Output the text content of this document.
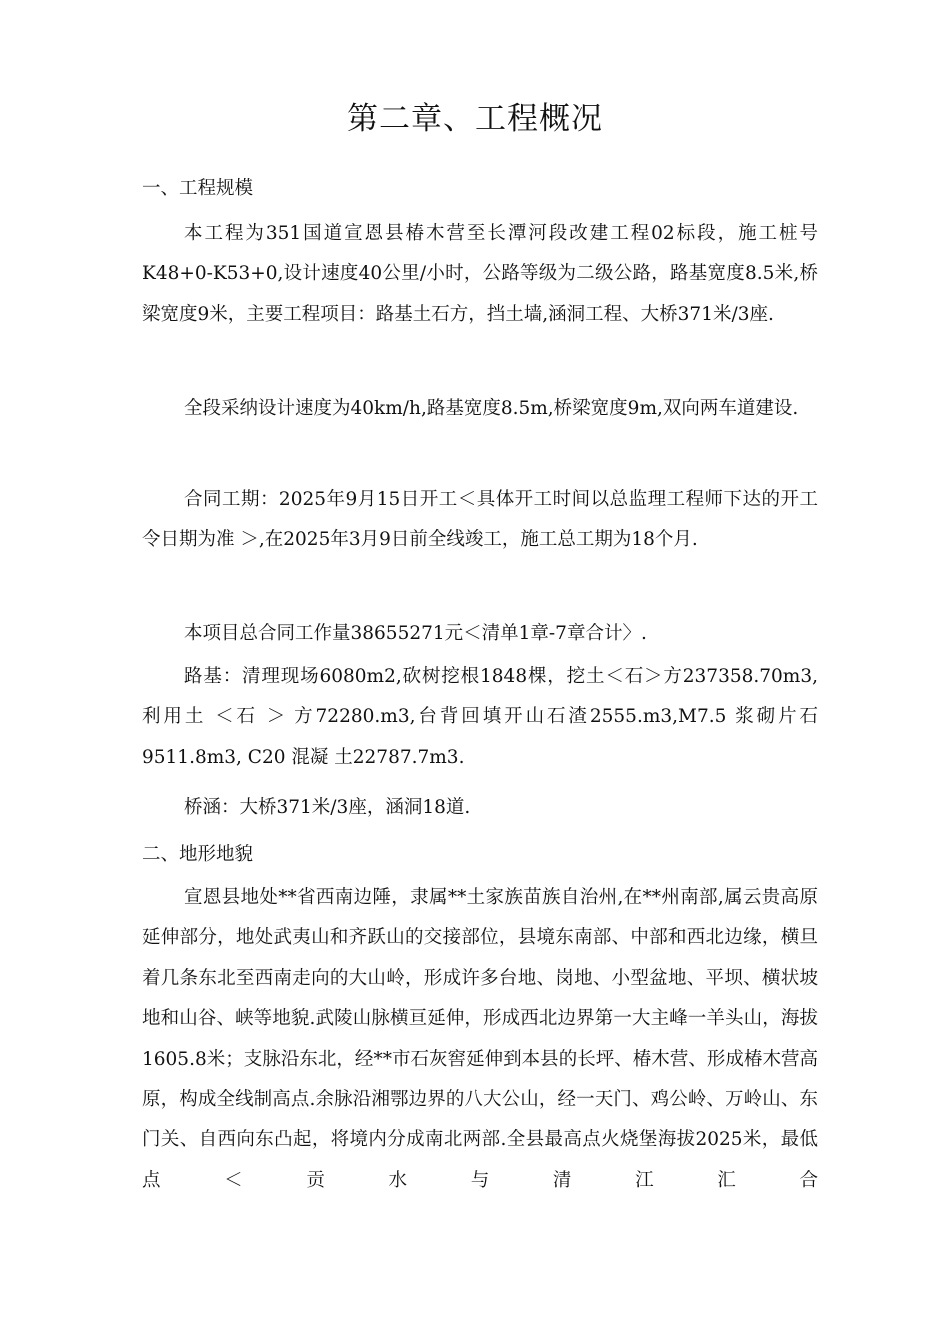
第二章、工程概况
一、工程规模

本工程为351国道宣恩县椿木营至长潭河段改建工程02标段，施工桩号K48+0-K53+0,设计速度40公里/小时，公路等级为二级公路，路基宽度8.5米,桥梁宽度9米，主要工程项目：路基土石方，挡土墙,涵洞工程、大桥371米/3座.

全段采纳设计速度为40km/h,路基宽度8.5m,桥梁宽度9m,双向两车道建设.

合同工期：2025年9月15日开工＜具体开工时间以总监理工程师下达的开工令日期为准 ＞,在2025年3月9日前全线竣工，施工总工期为18个月.

本项目总合同工作量38655271元＜清单1章-7章合计〉.

路基：清理现场6080m2,砍树挖根1848棵，挖土＜石＞方237358.70m3,利用土 ＜石 ＞ 方72280.m3,台背回填开山石渣2555.m3,M7.5 浆砌片石 9511.8m3, C20 混凝 土22787.7m3.

桥涵：大桥371米/3座，涵洞18道.

二、地形地貌

宣恩县地处**省西南边陲，隶属**土家族苗族自治州,在**州南部,属云贵高原延伸部分，地处武夷山和齐跃山的交接部位，县境东南部、中部和西北边缘，横旦着几条东北至西南走向的大山岭，形成许多台地、岗地、小型盆地、平坝、横状坡地和山谷、峡等地貌.武陵山脉横亘延伸，形成西北边界第一大主峰一羊头山，海拔1605.8米；支脉沿东北，经**市石灰窖延伸到本县的长坪、椿木营、形成椿木营高原，构成全线制高点.余脉沿湘鄂边界的八大公山，经一天门、鸡公岭、万岭山、东门关、自西向东凸起，将境内分成南北两部.全县最高点火烧堡海拔2025米，最低点＜贡水与清江汇合
